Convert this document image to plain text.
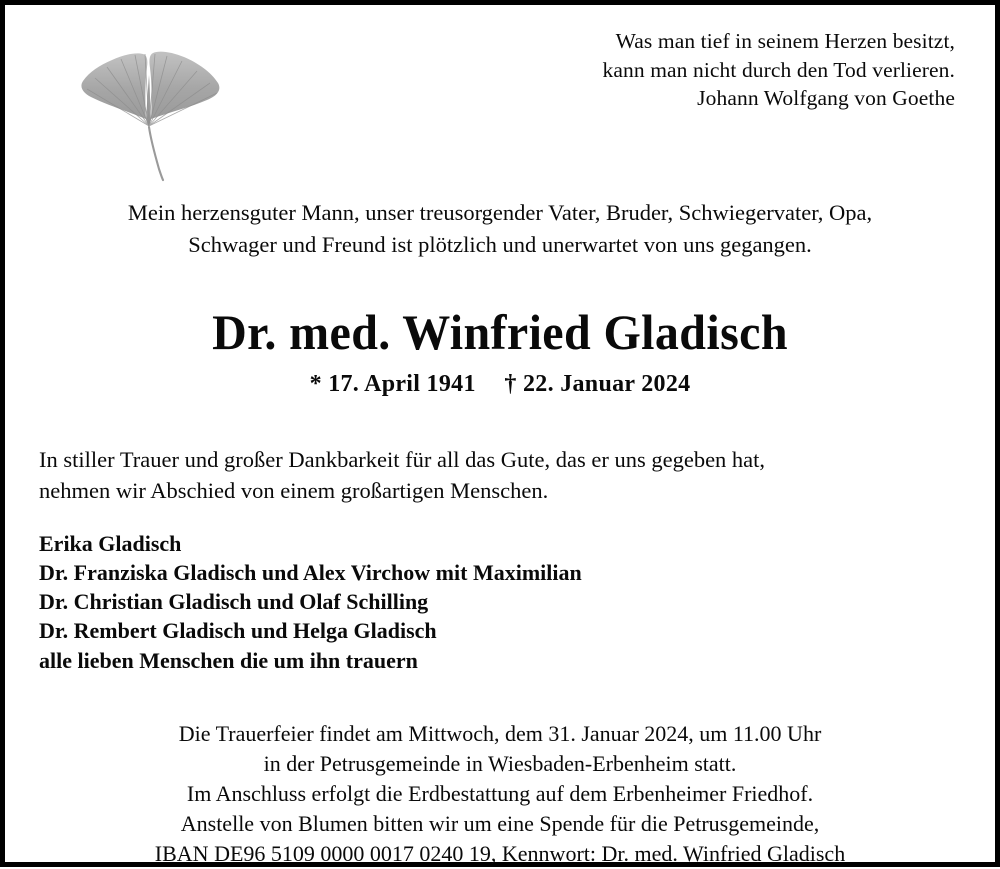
Was man tief in seinem Herzen besitzt,
kann man nicht durch den Tod verlieren.
Johann Wolfgang von Goethe
Mein herzensguter Mann, unser treusorgender Vater, Bruder, Schwiegervater, Opa,
Schwager und Freund ist plötzlich und unerwartet von uns gegangen.
Dr. med. Winfried Gladisch
* 17. April 1941 † 22. Januar 2024
In stiller Trauer und großer Dankbarkeit für all das Gute, das er uns gegeben hat,
nehmen wir Abschied von einem großartigen Menschen.
Erika Gladisch
Dr. Franziska Gladisch und Alex Virchow mit Maximilian
Dr. Christian Gladisch und Olaf Schilling
Dr. Rembert Gladisch und Helga Gladisch
alle lieben Menschen die um ihn trauern
Die Trauerfeier findet am Mittwoch, dem 31. Januar 2024, um 11.00 Uhr
in der Petrusgemeinde in Wiesbaden-Erbenheim statt.
Im Anschluss erfolgt die Erdbestattung auf dem Erbenheimer Friedhof.
Anstelle von Blumen bitten wir um eine Spende für die Petrusgemeinde,
IBAN DE96 5109 0000 0017 0240 19, Kennwort: Dr. med. Winfried Gladisch
